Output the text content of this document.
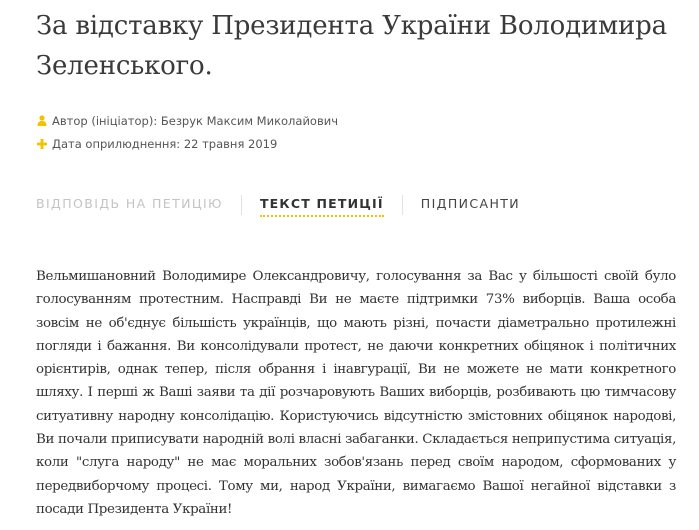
За відставку Президента України Володимира Зеленського.
Автор (ініціатор): Безрук Максим Миколайович
Дата оприлюднення: 22 травня 2019
ВІДПОВІДЬ НА ПЕТИЦІЮ	ТЕКСТ ПЕТИЦІЇ	ПІДПИСАНТИ

Вельмишановний Володимире Олександровичу, голосування за Вас у більшості своїй було голосуванням протестним. Насправді Ви не маєте підтримки 73% виборців. Ваша особа зовсім не об'єднує більшість українців, що мають різні, почасти діаметрально протилежні погляди і бажання. Ви консолідували протест, не даючи конкретних обіцянок і політичних орієнтирів, однак тепер, після обрання і інавгурації, Ви не можете не мати конкретного шляху. І перші ж Ваші заяви та дії розчаровують Ваших виборців, розбивають цю тимчасову ситуативну народну консолідацію. Користуючись відсутністю змістовних обіцянок народові, Ви почали приписувати народній волі власні забаганки. Складається неприпустима ситуація, коли "слуга народу" не має моральних зобов'язань перед своїм народом, сформованих у передвиборчому процесі. Тому ми, народ України, вимагаємо Вашої негайної відставки з посади Президента України!
